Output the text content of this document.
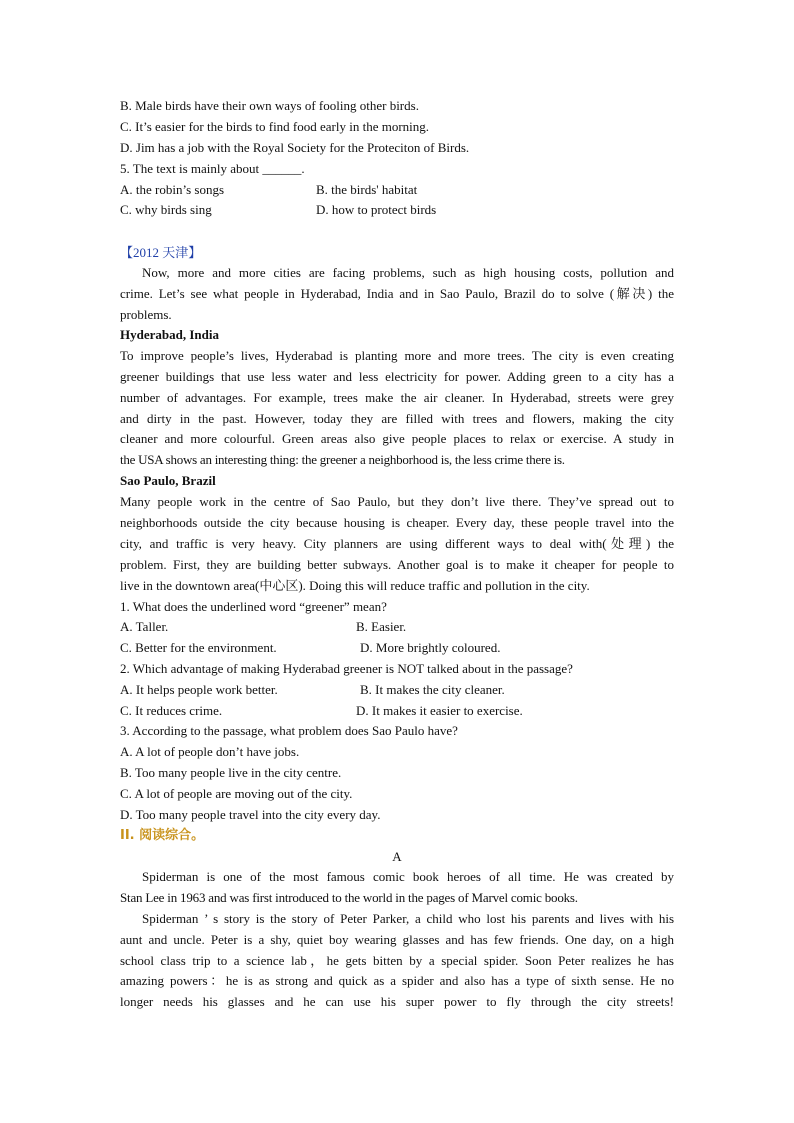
B. Male birds have their own ways of fooling other birds.
C. It’s easier for the birds to find food early in the morning.
D. Jim has a job with the Royal Society for the Proteciton of Birds.
5. The text is mainly about ______.
A. the robin’s songs	B. the birds' habitat
C. why birds sing	D. how to protect birds
【2012 天津】
Now, more and more cities are facing problems, such as high housing costs, pollution and
crime. Let’s see what people in Hyderabad, India and in Sao Paulo, Brazil do to solve (解决) the
problems.
Hyderabad, India
To improve people’s lives, Hyderabad is planting more and more trees. The city is even creating
greener buildings that use less water and less electricity for power. Adding green to a city has a
number of advantages. For example, trees make the air cleaner. In Hyderabad, streets were grey
and dirty in the past. However, today they are filled with trees and flowers, making the city
cleaner and more colourful. Green areas also give people places to relax or exercise. A study in
the USA shows an interesting thing: the greener a neighborhood is, the less crime there is.
Sao Paulo, Brazil
Many people work in the centre of Sao Paulo, but they don’t live there. They’ve spread out to
neighborhoods outside the city because housing is cheaper. Every day, these people travel into the
city, and traffic is very heavy. City planners are using different ways to deal with(处理) the
problem. First, they are building better subways. Another goal is to make it cheaper for people to
live in the downtown area(中心区). Doing this will reduce traffic and pollution in the city.
1. What does the underlined word “greener” mean?
A. Taller.	B. Easier.
C. Better for the environment.	D. More brightly coloured.
2. Which advantage of making Hyderabad greener is NOT talked about in the passage?
A. It helps people work better.	B. It makes the city cleaner.
C. It reduces crime.	D. It makes it easier to exercise.
3. According to the passage, what problem does Sao Paulo have?
A. A lot of people don’t have jobs.
B. Too many people live in the city centre.
C. A lot of people are moving out of the city.
D. Too many people travel into the city every day.
II. 阅读综合。
A
Spiderman is one of the most famous comic book heroes of all time. He was created by
Stan Lee in 1963 and was first introduced to the world in the pages of Marvel comic books.
Spiderman ’ s story is the story of Peter Parker, a child who lost his parents and lives with his
aunt and uncle. Peter is a shy, quiet boy wearing glasses and has few friends. One day, on a high
school class trip to a science lab，he gets bitten by a special spider. Soon Peter realizes he has
amazing powers：he is as strong and quick as a spider and also has a type of sixth sense. He no
longer needs his glasses and he can use his super power to fly through the city streets!
